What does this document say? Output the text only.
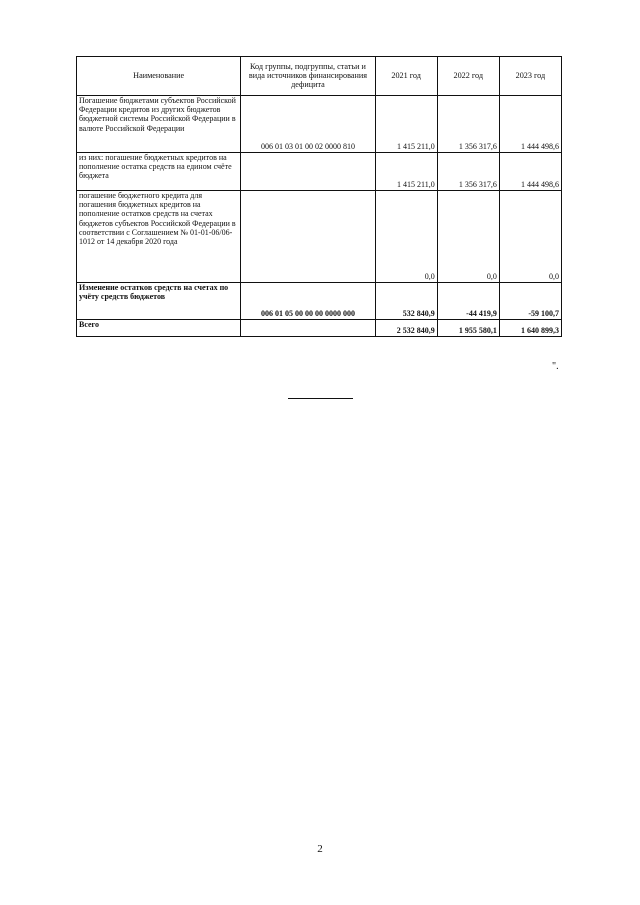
Наименование	Код группы, подгруппы, статьи и вида источников финансирования дефицита	2021 год	2022 год	2023 год
Погашение бюджетами субъектов Российской Федерации кредитов из других бюджетов бюджетной системы Российской Федерации в валюте Российской Федерации	006 01 03 01 00 02 0000 810	1 415 211,0	1 356 317,6	1 444 498,6
из них: погашение бюджетных кредитов на пополнение остатка средств на едином счёте бюджета		1 415 211,0	1 356 317,6	1 444 498,6
погашение бюджетного кредита для погашения бюджетных кредитов на пополнение остатков средств на счетах бюджетов субъектов Российской Федерации в соответствии с Соглашением № 01-01-06/06-1012 от 14 декабря 2020 года		0,0	0,0	0,0
Изменение остатков средств на счетах по учёту средств бюджетов	006 01 05 00 00 00 0000 000	532 840,9	-44 419,9	-59 100,7
Всего		2 532 840,9	1 955 580,1	1 640 899,3
".
2
